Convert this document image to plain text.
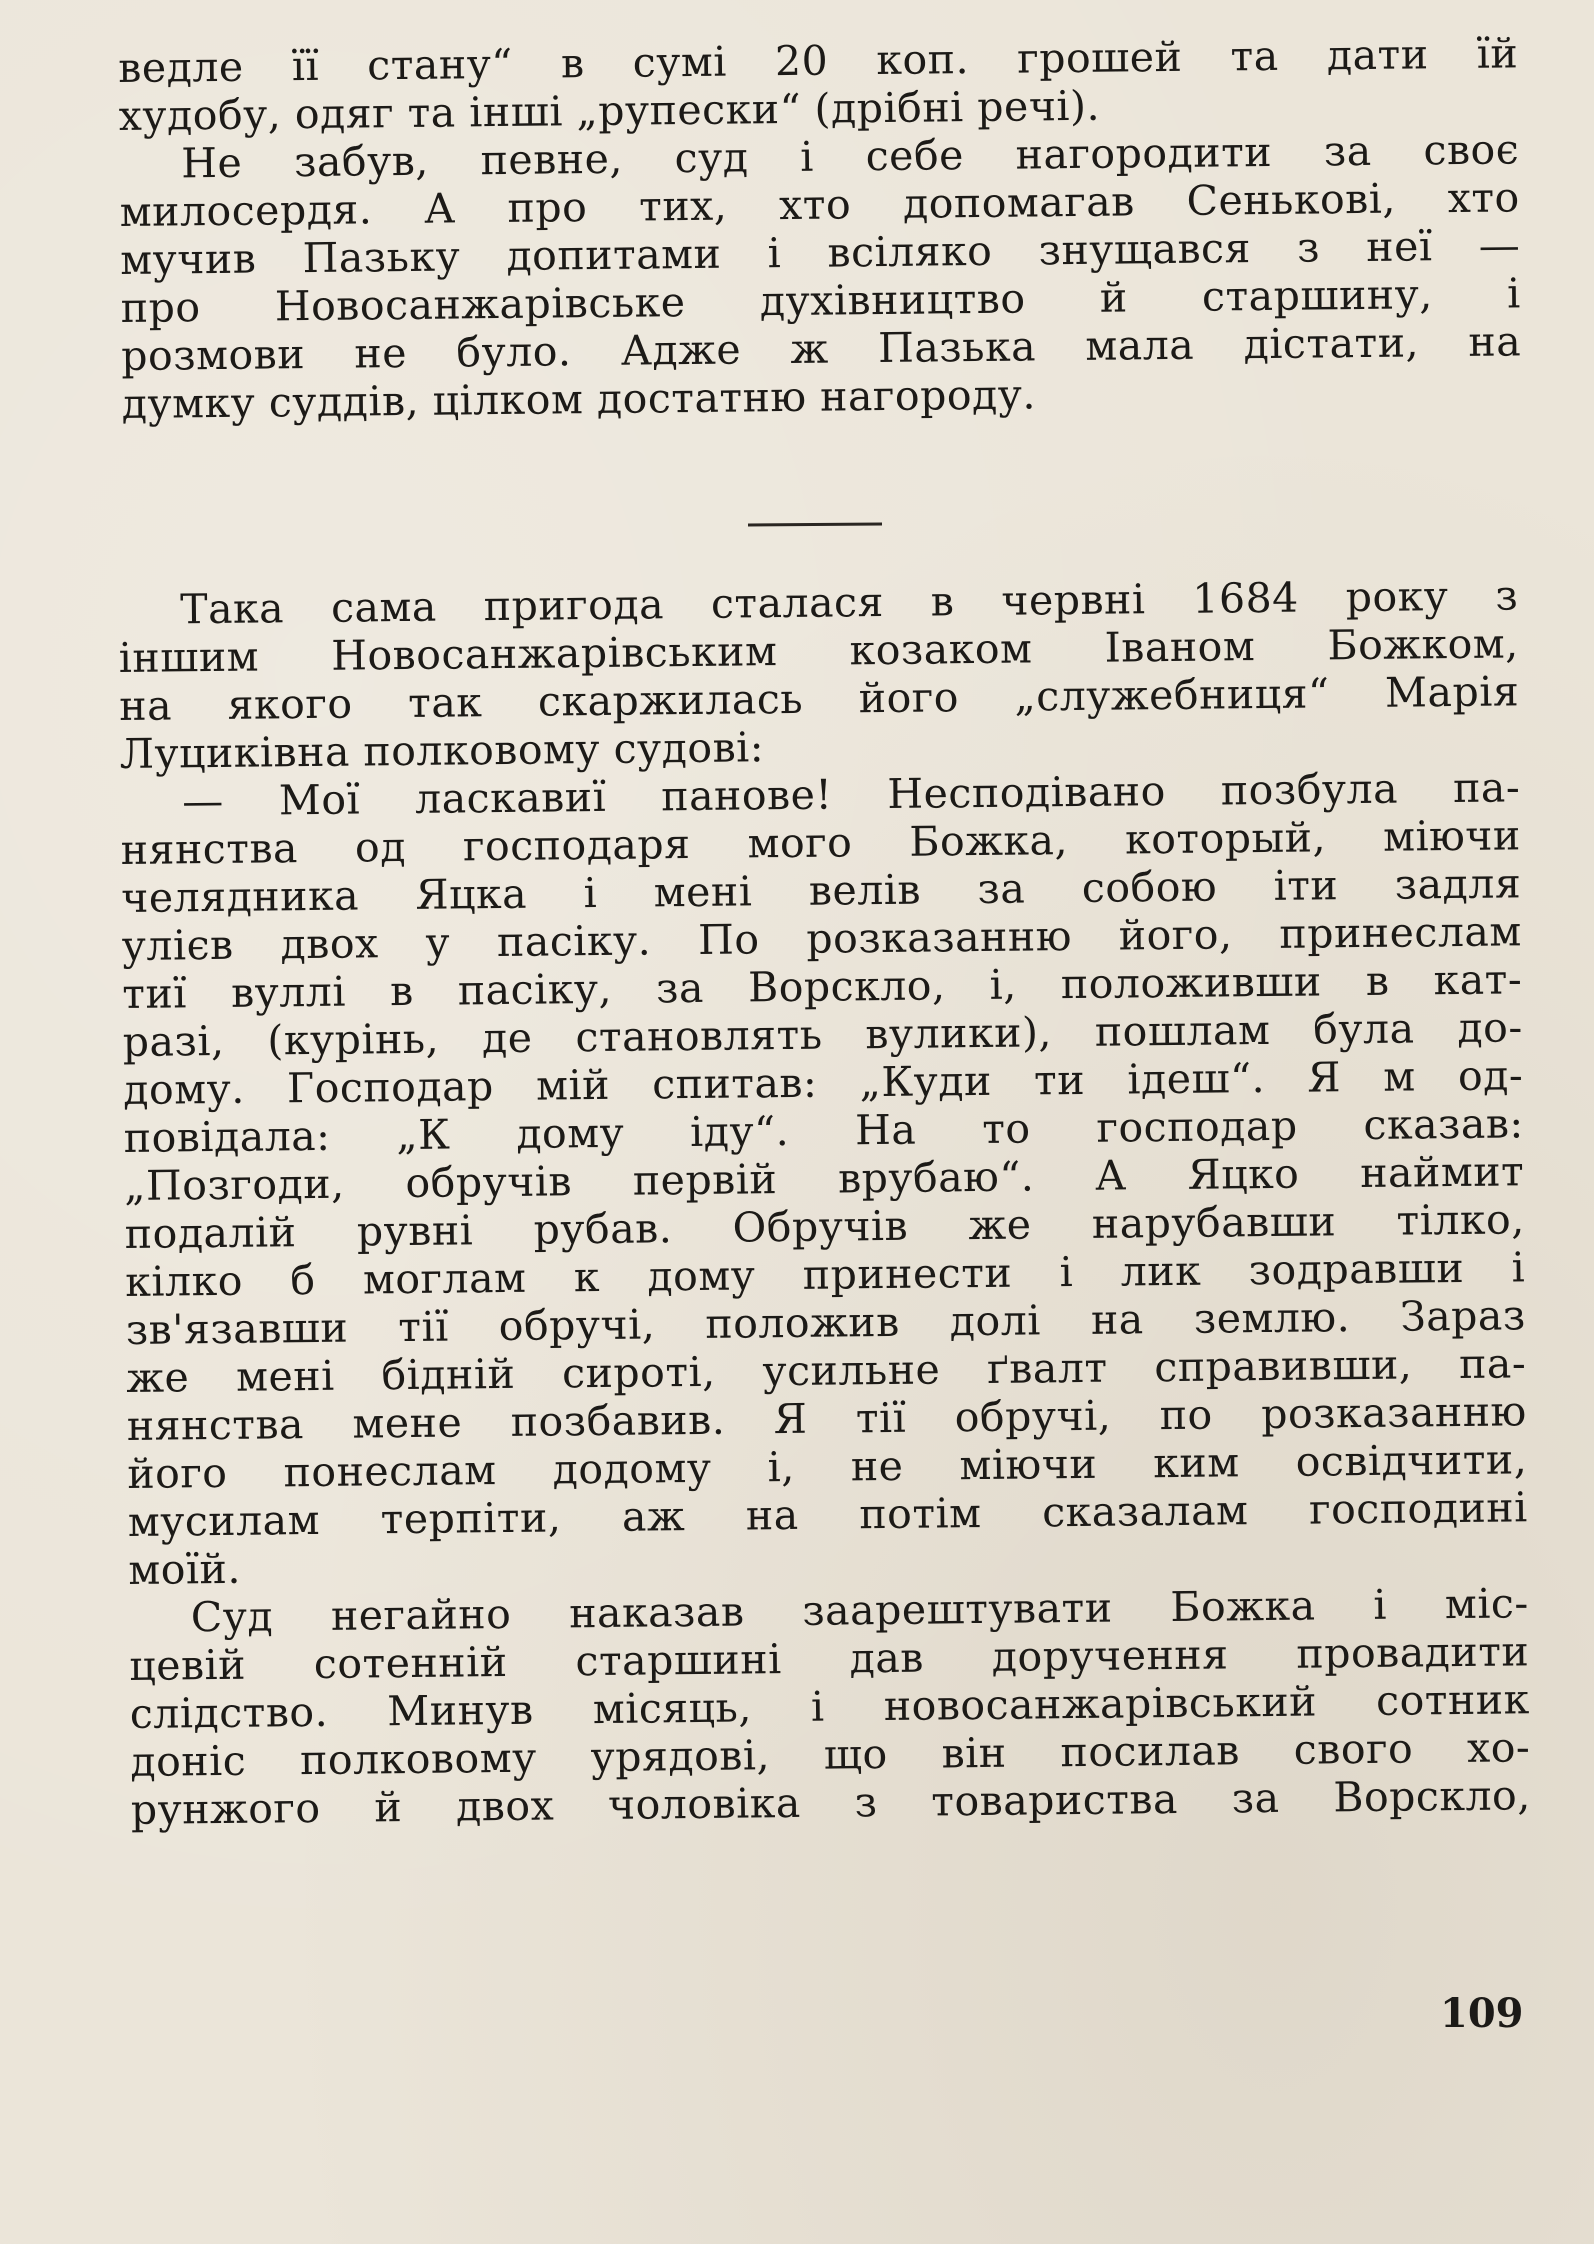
ведле її стану“ в сумі 20 коп. грошей та дати їй
худобу, одяг та інші „рупески“ (дрібні речі).
Не забув, певне, суд і себе нагородити за своє
милосердя. А про тих, хто допомагав Сенькові, хто
мучив Пазьку допитами і всіляко знущався з неї —
про Новосанжарівське духівництво й старшину, і
розмови не було. Адже ж Пазька мала дістати, на
думку суддів, цілком достатню нагороду.
Така сама пригода сталася в червні 1684 року з
іншим Новосанжарівським козаком Іваном Божком,
на якого так скаржилась його „служебниця“ Марія
Луциківна полковому судові:
— Мої ласкавиї панове! Несподівано позбула па-
нянства од господаря мого Божка, который, міючи
челядника Яцка і мені велів за собою іти задля
улієв двох у пасіку. По розказанню його, принеслам
тиї вуллі в пасіку, за Ворскло, і, положивши в кат-
разі, (курінь, де становлять вулики), пошлам була до-
дому. Господар мій спитав: „Куди ти ідеш“. Я м од-
повідала: „К дому іду“. На то господар сказав:
„Позгоди, обручів первій врубаю“. А Яцко наймит
подалій рувні рубав. Обручів же нарубавши тілко,
кілко б моглам к дому принести і лик зодравши і
зв'язавши тії обручі, положив долі на землю. Зараз
же мені бідній сироті, усильне ґвалт справивши, па-
нянства мене позбавив. Я тії обручі, по розказанню
його понеслам додому і, не міючи ким освідчити,
мусилам терпіти, аж на потім сказалам господині
моїй.
Суд негайно наказав заарештувати Божка і міс-
цевій сотенній старшині дав доручення провадити
слідство. Минув місяць, і новосанжарівський сотник
доніс полковому урядові, що він посилав свого хо-
рунжого й двох чоловіка з товариства за Ворскло,
109
